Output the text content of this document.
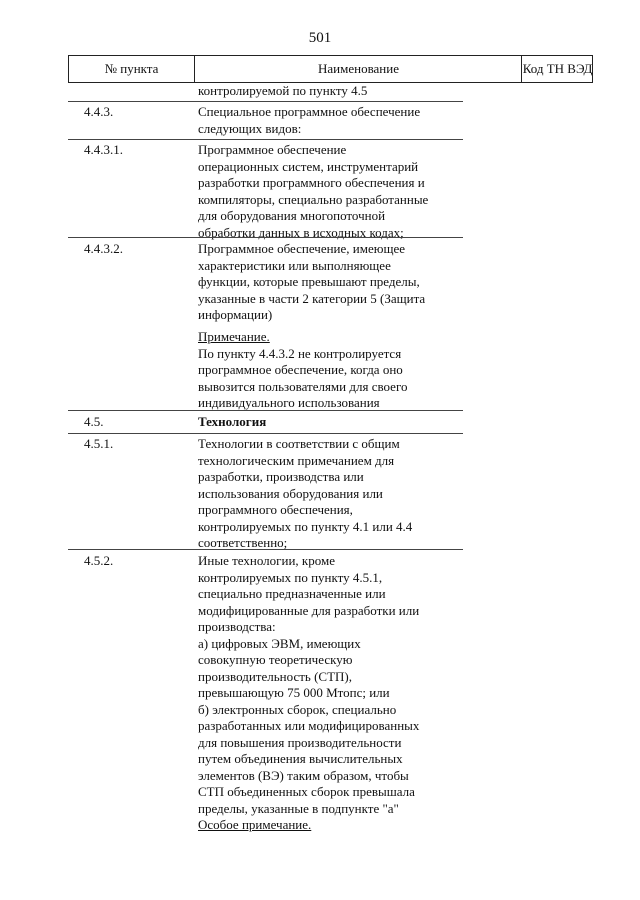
501
№ пункта	Наименование	Код ТН ВЭД
контролируемой по пункту 4.5
4.4.3.	Специальное программное обеспечение
следующих видов:
4.4.3.1.	Программное обеспечение
операционных систем, инструментарий
разработки программного обеспечения и
компиляторы, специально разработанные
для оборудования многопоточной
обработки данных в исходных кодах;
4.4.3.2.	Программное обеспечение, имеющее
характеристики или выполняющее
функции, которые превышают пределы,
указанные в части 2 категории 5 (Защита
информации)
Примечание.
По пункту 4.4.3.2 не контролируется
программное обеспечение, когда оно
вывозится пользователями для своего
индивидуального использования
4.5.	Технология
4.5.1.	Технологии в соответствии с общим
технологическим примечанием для
разработки, производства или
использования оборудования или
программного обеспечения,
контролируемых по пункту 4.1 или 4.4
соответственно;
4.5.2.	Иные технологии, кроме
контролируемых по пункту 4.5.1,
специально предназначенные или
модифицированные для разработки или
производства:
а) цифровых ЭВМ, имеющих
совокупную теоретическую
производительность (СТП),
превышающую 75 000 Мтопс; или
б) электронных сборок, специально
разработанных или модифицированных
для повышения производительности
путем объединения вычислительных
элементов (ВЭ) таким образом, чтобы
СТП объединенных сборок превышала
пределы, указанные в подпункте "а"
Особое примечание.
